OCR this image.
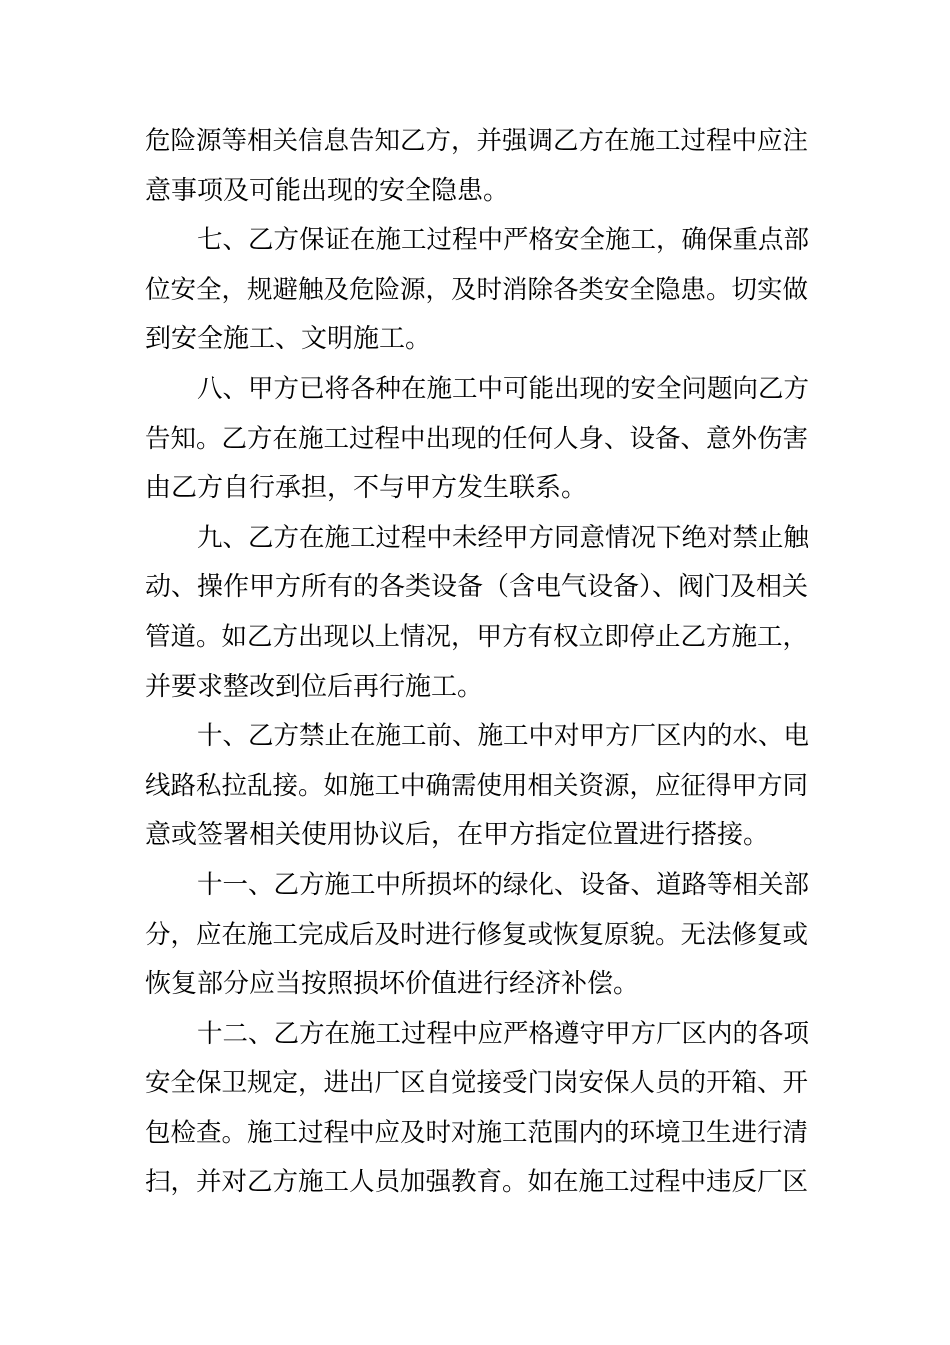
危险源等相关信息告知乙方，并强调乙方在施工过程中应注
意事项及可能出现的安全隐患。
七、乙方保证在施工过程中严格安全施工，确保重点部
位安全，规避触及危险源，及时消除各类安全隐患。切实做
到安全施工、文明施工。
八、甲方已将各种在施工中可能出现的安全问题向乙方
告知。乙方在施工过程中出现的任何人身、设备、意外伤害
由乙方自行承担，不与甲方发生联系。
九、乙方在施工过程中未经甲方同意情况下绝对禁止触
动、操作甲方所有的各类设备（含电气设备）、阀门及相关
管道。如乙方出现以上情况，甲方有权立即停止乙方施工，
并要求整改到位后再行施工。
十、乙方禁止在施工前、施工中对甲方厂区内的水、电
线路私拉乱接。如施工中确需使用相关资源，应征得甲方同
意或签署相关使用协议后，在甲方指定位置进行搭接。
十一、乙方施工中所损坏的绿化、设备、道路等相关部
分，应在施工完成后及时进行修复或恢复原貌。无法修复或
恢复部分应当按照损坏价值进行经济补偿。
十二、乙方在施工过程中应严格遵守甲方厂区内的各项
安全保卫规定，进出厂区自觉接受门岗安保人员的开箱、开
包检查。施工过程中应及时对施工范围内的环境卫生进行清
扫，并对乙方施工人员加强教育。如在施工过程中违反厂区
